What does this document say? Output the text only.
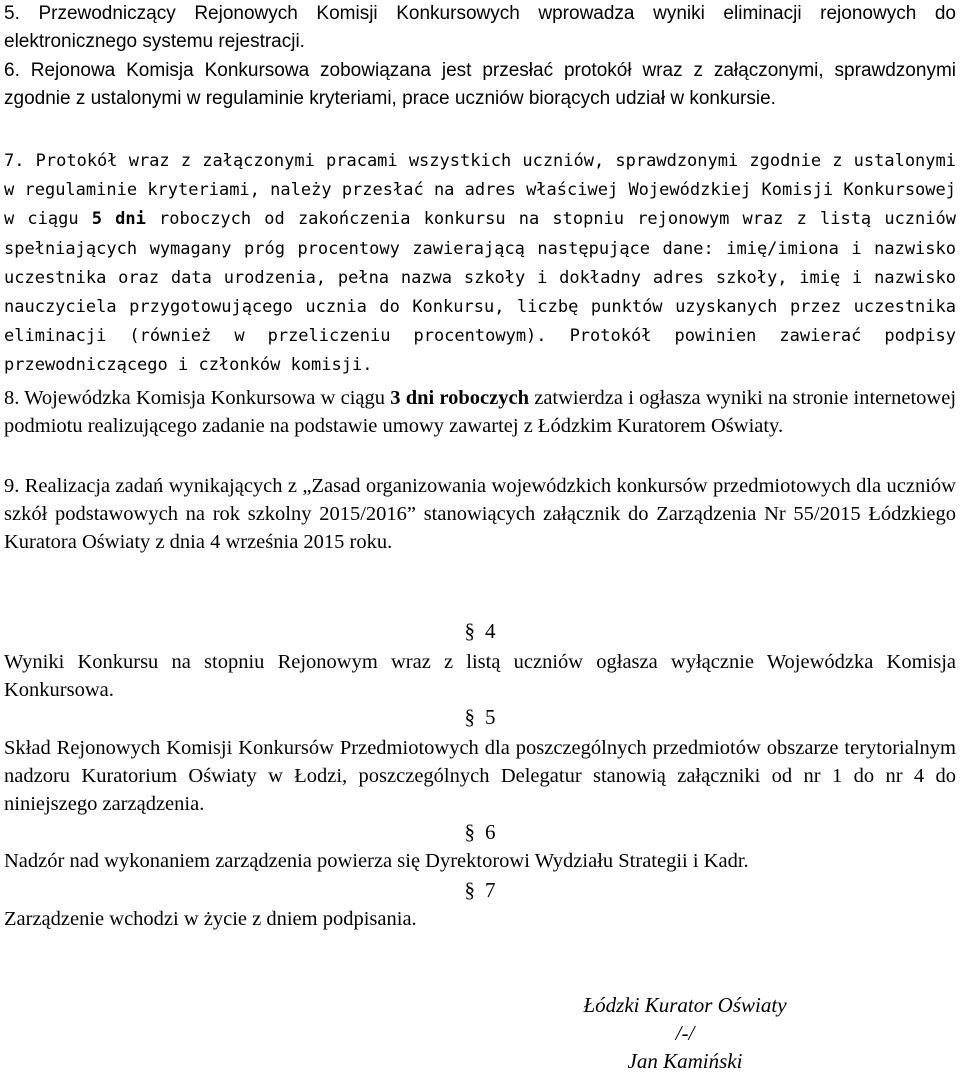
5. Przewodniczący Rejonowych Komisji Konkursowych wprowadza wyniki eliminacji rejonowych do elektronicznego systemu rejestracji.

6. Rejonowa Komisja Konkursowa zobowiązana jest przesłać protokół wraz z załączonymi, sprawdzonymi zgodnie z ustalonymi w regulaminie kryteriami, prace uczniów biorących udział w konkursie.

7. Protokół wraz z załączonymi pracami wszystkich uczniów, sprawdzonymi zgodnie z ustalonymi w regulaminie kryteriami, należy przesłać na adres właściwej Wojewódzkiej Komisji Konkursowej w ciągu 5 dni roboczych od zakończenia konkursu na stopniu rejonowym wraz z listą uczniów spełniających wymagany próg procentowy zawierającą następujące dane: imię/imiona i nazwisko uczestnika oraz data urodzenia, pełna nazwa szkoły i dokładny adres szkoły, imię i nazwisko nauczyciela przygotowującego ucznia do Konkursu, liczbę punktów uzyskanych przez uczestnika eliminacji (również w przeliczeniu procentowym). Protokół powinien zawierać podpisy przewodniczącego i członków komisji.

8. Wojewódzka Komisja Konkursowa w ciągu 3 dni roboczych zatwierdza i ogłasza wyniki na stronie internetowej podmiotu realizującego zadanie na podstawie umowy zawartej z Łódzkim Kuratorem Oświaty.

9. Realizacja zadań wynikających z „Zasad organizowania wojewódzkich konkursów przedmiotowych dla uczniów szkół podstawowych na rok szkolny 2015/2016” stanowiących załącznik do Zarządzenia Nr 55/2015 Łódzkiego Kuratora Oświaty z dnia 4 września 2015 roku.

§ 4

Wyniki Konkursu na stopniu Rejonowym wraz z listą uczniów ogłasza wyłącznie Wojewódzka Komisja Konkursowa.

§ 5

Skład Rejonowych Komisji Konkursów Przedmiotowych dla poszczególnych przedmiotów obszarze terytorialnym nadzoru Kuratorium Oświaty w Łodzi, poszczególnych Delegatur stanowią załączniki od nr 1 do nr 4 do niniejszego zarządzenia.

§ 6

Nadzór nad wykonaniem zarządzenia powierza się Dyrektorowi Wydziału Strategii i Kadr.

§ 7

Zarządzenie wchodzi w życie z dniem podpisania.

Łódzki Kurator Oświaty

/-/

Jan Kamiński
